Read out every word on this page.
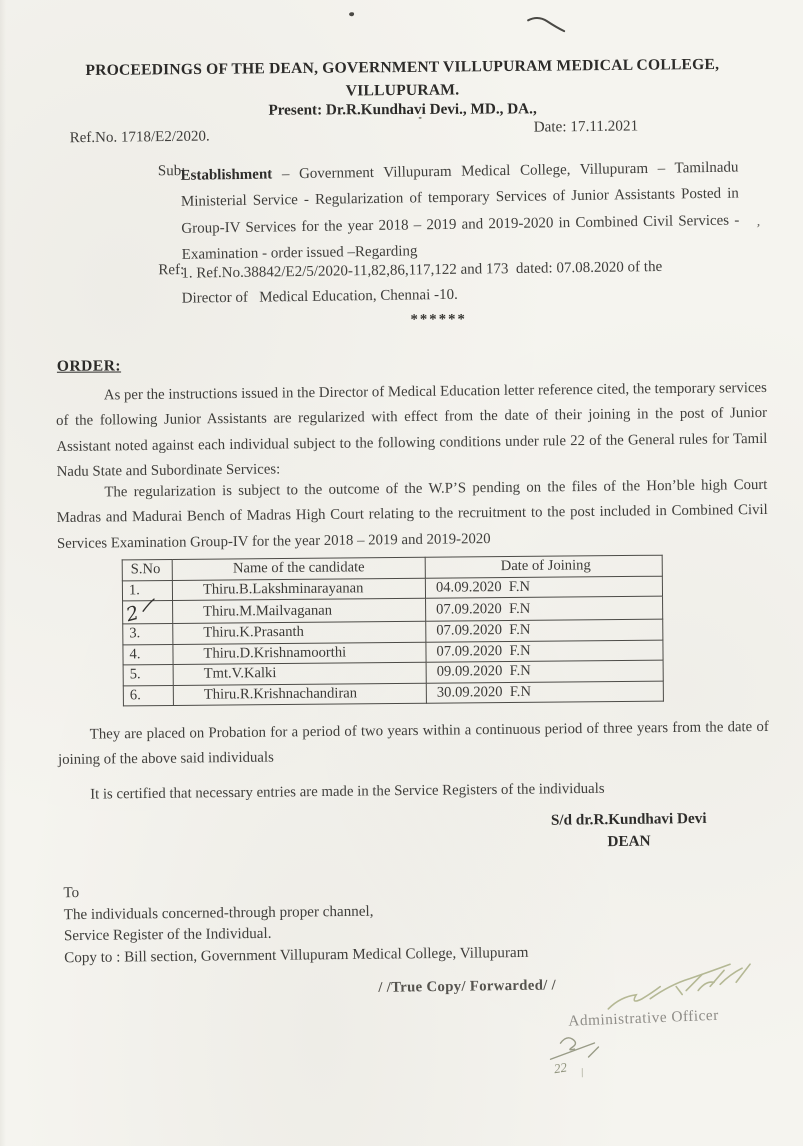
’
PROCEEDINGS OF THE DEAN, GOVERNMENT VILLUPURAM MEDICAL COLLEGE,
VILLUPURAM.
Present: Dr.R.Kundhavi Devi., MD., DA.,
Ref.No. 1718/E2/2020.
Date: 17.11.2021
Sub:
Establishment – Government Villupuram Medical College, Villupuram – Tamilnadu Ministerial Service - Regularization of temporary Services of Junior Assistants Posted in Group-IV Services for the year 2018 – 2019 and 2019-2020 in Combined Civil Services -Examination - order issued –Regarding
Ref:
1. Ref.No.38842/E2/5/2020-11,82,86,117,122 and 173  dated: 07.08.2020 of the
Director of   Medical Education, Chennai -10.
******
ORDER:
As per the instructions issued in the Director of Medical Education letter reference cited, the temporary services of the following Junior Assistants are regularized with effect from the date of their joining in the post of Junior Assistant noted against each individual subject to the following conditions under rule 22 of the General rules for Tamil Nadu State and Subordinate Services:
The regularization is subject to the outcome of the W.P’S pending on the files of the Hon’ble high Court Madras and Madurai Bench of Madras High Court relating to the recruitment to the post included in Combined Civil Services Examination Group-IV for the year 2018 – 2019 and 2019-2020
S.No	Name of the candidate	Date of Joining
1.	Thiru.B.Lakshminarayanan	04.09.2020  F.N
2	Thiru.M.Mailvaganan	07.09.2020  F.N
3.	Thiru.K.Prasanth	07.09.2020  F.N
4.	Thiru.D.Krishnamoorthi	07.09.2020  F.N
5.	Tmt.V.Kalki	09.09.2020  F.N
6.	Thiru.R.Krishnachandiran	30.09.2020  F.N
They are placed on Probation for a period of two years within a continuous period of three years from the date of joining of the above said individuals
It is certified that necessary entries are made in the Service Registers of the individuals
S/d dr.R.Kundhavi Devi
DEAN
To
The individuals concerned-through proper channel,
Service Register of the Individual.
Copy to : Bill section, Government Villupuram Medical College, Villupuram
/ /True Copy/ Forwarded/ /
Administrative Officer
22 |
